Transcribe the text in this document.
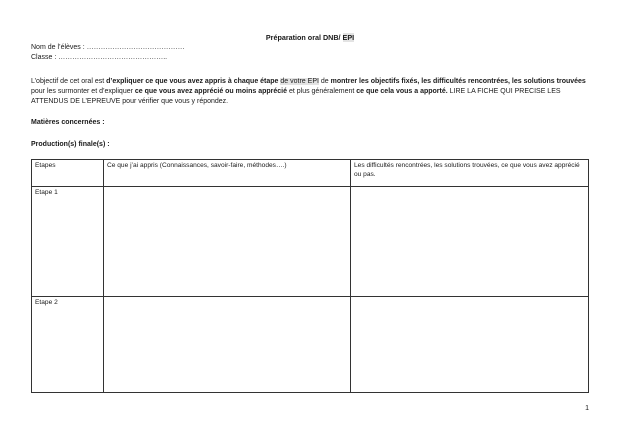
Préparation oral DNB/ EPI
Nom de l’élèves : ……………………………………
Classe : ………………………………………..
L’objectif de cet oral est d’expliquer ce que vous avez appris à chaque étape de votre EPI de montrer les objectifs fixés, les difficultés rencontrées, les solutions trouvées pour les surmonter et d’expliquer ce que vous avez apprécié ou moins apprécié et plus généralement ce que cela vous a apporté. LIRE LA FICHE QUI PRECISE LES ATTENDUS DE L’EPREUVE pour vérifier que vous y répondez.
Matières concernées :
Production(s) finale(s) :
Etapes	Ce que j’ai appris (Connaissances, savoir-faire, méthodes….)	Les difficultés rencontrées, les solutions trouvées, ce que vous avez apprécié ou pas.
Etape 1		
Etape 2		
1
